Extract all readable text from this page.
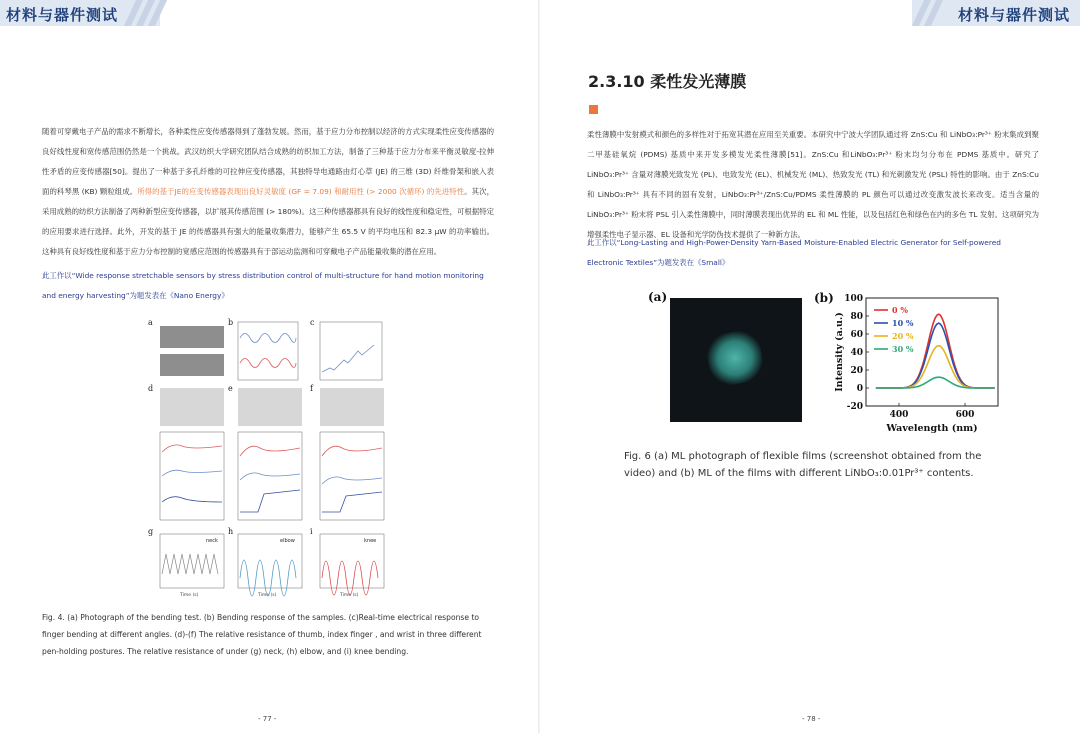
材料与器件测试
随着可穿戴电子产品的需求不断增长，各种柔性应变传感器得到了蓬勃发展。然而，基于应力分布控制以经济的方式实现柔性应变传感器的良好线性度和宽传感范围仍然是一个挑战。武汉纺织大学研究团队结合成熟的纺织加工方法，制备了三种基于应力分布来平衡灵敏度-拉伸性矛盾的应变传感器[50]。提出了一种基于多孔纤维的可拉伸应变传感器，其独特导电通路由灯心草 (JE) 的三维 (3D) 纤维骨架和嵌入表面的科琴黑 (KB) 颗粒组成。所得的基于JE的应变传感器表现出良好灵敏度 (GF = 7.09) 和耐用性 (> 2000 次循环) 的先进特性。其次，采用成熟的纺织方法制备了两种新型应变传感器，以扩展其传感范围 (> 180%)。这三种传感器都具有良好的线性度和稳定性，可根据特定的应用要求进行选择。此外，开发的基于 JE 的传感器具有强大的能量收集潜力，能够产生 65.5 V 的平均电压和 82.3 μW 的功率输出。这种具有良好线性度和基于应力分布控制的宽感应范围的传感器具有于部运动监测和可穿戴电子产品能量收集的潜在应用。
此工作以“Wide response stretchable sensors by stress distribution control of multi-structure for hand motion monitoring and energy harvesting”为题发表在《Nano Energy》
a	b	c
d	e	f
g
neck
h
elbow
i
knee
Time (s)	Time (s)	Time (s)
Fig. 4. (a) Photograph of the bending test. (b) Bending response of the samples. (c)Real-time electrical response to finger bending at different angles. (d)-(f) The relative resistance of thumb, index finger , and wrist in three different pen-holding postures. The relative resistance of under (g) neck, (h) elbow, and (i) knee bending.
- 77 -
材料与器件测试
2.3.10 柔性发光薄膜
柔性薄膜中发射模式和颜色的多样性对于拓宽其潜在应用至关重要。本研究中宁波大学团队通过将 ZnS:Cu 和 LiNbO₃:Pr³⁺ 粉末集成到聚二甲基硅氧烷 (PDMS) 基质中来开发多模发光柔性薄膜[51]。ZnS:Cu 和LiNbO₃:Pr³⁺ 粉末均匀分布在 PDMS 基质中。研究了 LiNbO₃:Pr³⁺ 含量对薄膜光致发光 (PL)、电致发光 (EL)、机械发光 (ML)、热致发光 (TL) 和光刺激发光 (PSL) 特性的影响。由于 ZnS:Cu 和 LiNbO₃:Pr³⁺ 具有不同的固有发射，LiNbO₃:Pr³⁺/ZnS:Cu/PDMS 柔性薄膜的 PL 颜色可以通过改变激发波长来改变。适当含量的 LiNbO₃:Pr³⁺ 粉末将 PSL 引入柔性薄膜中，同时薄膜表现出优异的 EL 和 ML 性能，以及包括红色和绿色在内的多色 TL 发射。这项研究为增强柔性电子显示器、EL 设备和光学防伪技术提供了一种新方法。
此工作以“Long-Lasting and High-Power-Density Yarn-Based Moisture-Enabled Electric Generator for Self-powered Electronic Textiles”为题发表在《Small》
(a)	(b)
-20
0
20
40
60
80
100
400	600
Wavelength (nm)
Intensity (a.u.)
0 %
10 %
20 %
30 %
Fig. 6 (a) ML photograph of flexible films (screenshot obtained from the
video) and (b) ML of the films with different LiNbO₃:0.01Pr³⁺ contents.
- 78 -
